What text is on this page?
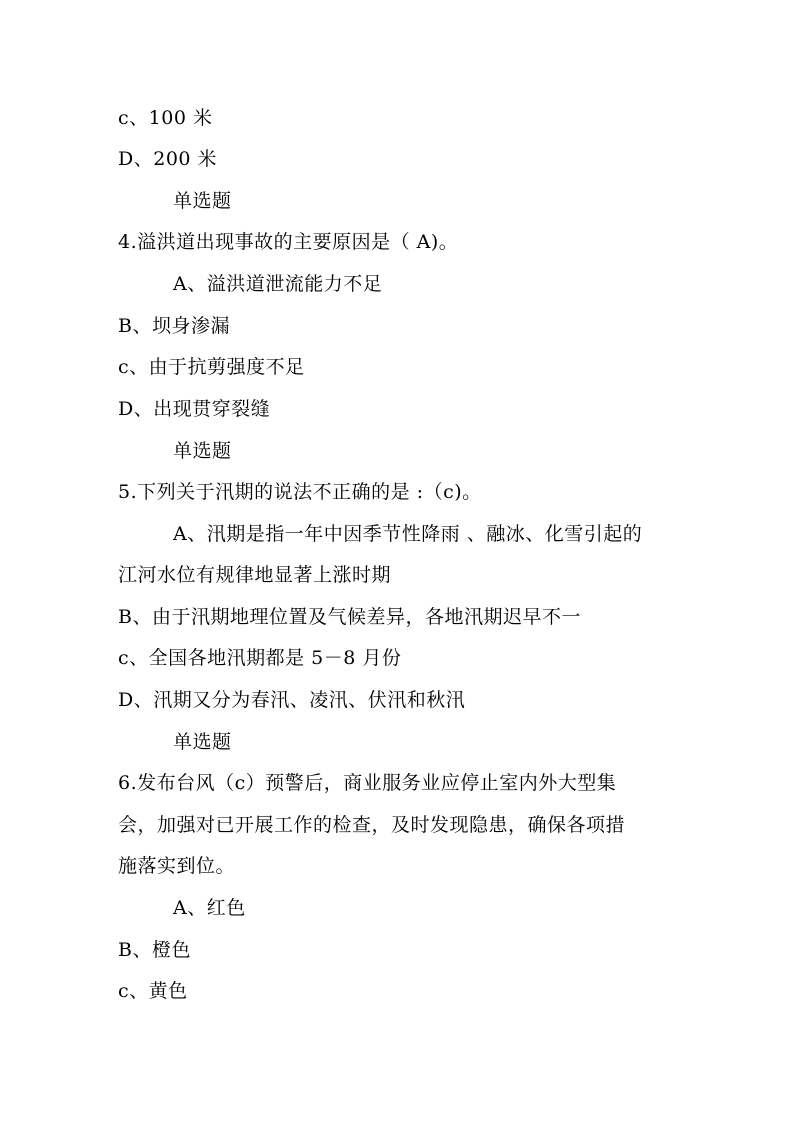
c、100 米
D、200 米
单选题
4.溢洪道出现事故的主要原因是（ A)。
A、溢洪道泄流能力不足
B、坝身渗漏
c、由于抗剪强度不足
D、出现贯穿裂缝
单选题
5.下列关于汛期的说法不正确的是 :（c)。
A、汛期是指一年中因季节性降雨 、融冰、化雪引起的
江河水位有规律地显著上涨时期
B、由于汛期地理位置及气候差异，各地汛期迟早不一
c、全国各地汛期都是 5－8 月份
D、汛期又分为春汛、凌汛、伏汛和秋汛
单选题
6.发布台风（c）预警后，商业服务业应停止室内外大型集
会，加强对已开展工作的检查，及时发现隐患，确保各项措
施落实到位。
A、红色
B、橙色
c、黄色
